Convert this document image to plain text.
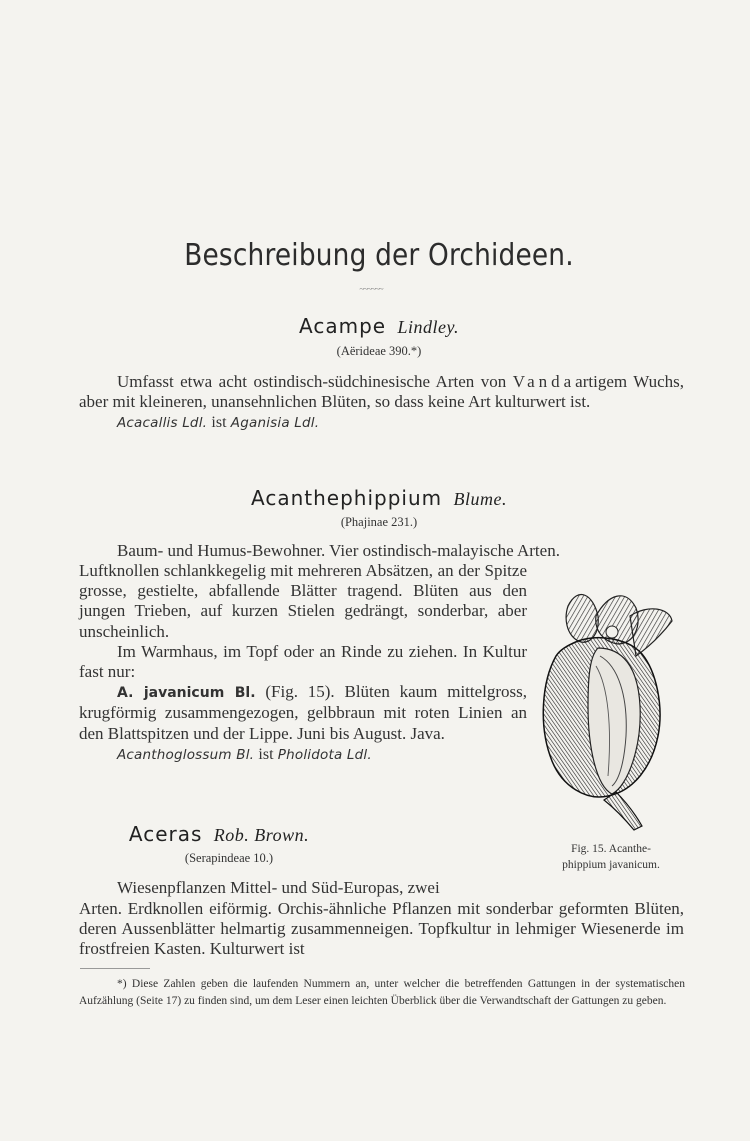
Beschreibung der Orchideen.
~~~~~~
Acampe Lindley.
(Aërideae 390.*)

Umfasst etwa acht ostindisch-südchinesische Arten von Vandaartigem Wuchs, aber mit kleineren, unansehnlichen Blüten, so dass keine Art kulturwert ist.

Acacallis Ldl. ist Aganisia Ldl.

Acanthephippium Blume.
(Phajinae 231.)

Baum- und Humus-Bewohner. Vier ostindisch-malayische Arten.

Luftknollen schlankkegelig mit mehreren Absätzen, an der Spitze grosse, gestielte, abfallende Blätter tragend. Blüten aus den jungen Trieben, auf kurzen Stielen gedrängt, sonderbar, aber unscheinlich.

Im Warmhaus, im Topf oder an Rinde zu ziehen. In Kultur fast nur:

A. javanicum Bl. (Fig. 15). Blüten kaum mittelgross, krugförmig zusammengezogen, gelbbraun mit roten Linien an den Blattspitzen und der Lippe. Juni bis August. Java.

Acanthoglossum Bl. ist Pholidota Ldl.

Fig. 15. Acanthe-
phippium javanicum.
Aceras Rob. Brown.
(Serapindeae 10.)

Wiesenpflanzen Mittel- und Süd-Europas, zwei

Arten. Erdknollen eiförmig. Orchis-ähnliche Pflanzen mit sonderbar geformten Blüten, deren Aussenblätter helmartig zusammenneigen. Topfkultur in lehmiger Wiesenerde im frostfreien Kasten. Kulturwert ist

*) Diese Zahlen geben die laufenden Nummern an, unter welcher die betreffenden Gattungen in der systematischen Aufzählung (Seite 17) zu finden sind, um dem Leser einen leichten Überblick über die Verwandtschaft der Gattungen zu geben.
